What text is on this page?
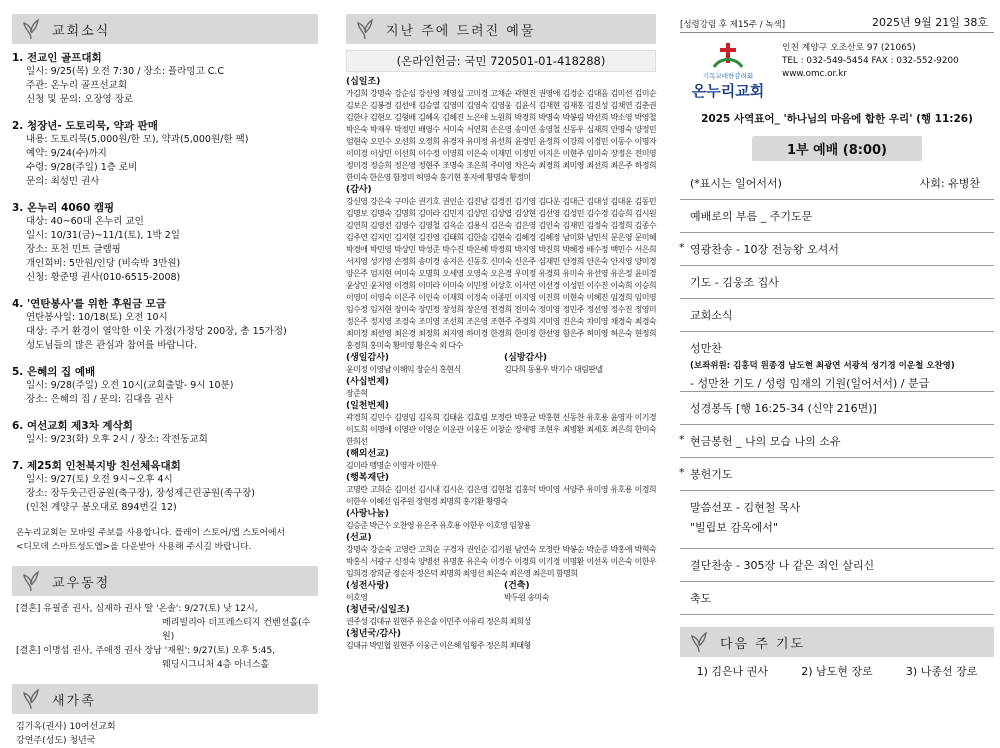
교회소식
1. 전교인 골프대회
일시: 9/25(목) 오전 7:30 / 장소: 플라밍고 C.C
주관: 온누리 골프선교회
신청 및 문의: 오장영 장로
2. 청장년- 도토리묵, 약과 판매
내용: 도토리묵(5,000원/한 모), 약과(5,000원/한 팩)
예약: 9/24(수)까지
수령: 9/28(주일) 1층 로비
문의: 최성민 권사
3. 온누리 4060 캠핑
대상: 40~60대 온누리 교인
일시: 10/31(금)~11/1(토), 1박 2일
장소: 포천 민트 글램핑
개인회비: 5만원/인당 (비숙박 3만원)
신청: 황준명 권사(010-6515-2008)
4. '연탄봉사'를 위한 후원금 모금
연탄봉사일: 10/18(토) 오전 10시
대상: 주거 환경이 열악한 이웃 가정(가정당 200장, 총 15가정)
성도님들의 많은 관심과 참여를 바랍니다.
5. 은혜의 집 예배
일시: 9/28(주일) 오전 10시(교회출발- 9시 10분)
장소: 은혜의 집 / 문의: 김대음 권사
6. 여선교회 제3차 계삭회
일시: 9/23(화) 오후 2시 / 장소: 작전동교회
7. 제25회 인천북지방 친선체육대회
일시: 9/27(토) 오전 9시~오후 4시
장소: 장두웃근린공원(축구장), 장성제근린공원(족구장)
(인천 계양구 봉오대로 894번길 12)
온누리교회는 모바일 주보를 사용합니다. 플레이 스토어/앱 스토어에서
<디모데 스마트성도앱>을 다운받아 사용해 주시길 바랍니다.
교우동정
[결혼] 유필종 권사, 심재하 권사 딸 '온솔': 9/27(토) 낮 12시,
메리빌리아 더프레스티지 컨벤션홀(수원)
[결혼] 이명섭 권사, 주애정 권사 장남 '재원': 9/27(토) 오후 5:45,
웨딩시그니처 4층 아너스홀
새가족
김기옥(권사) 10여선교회
강연주(성도) 청년국
지난 주에 드려진 예물
(온라인헌금: 국민 720501-01-418288)
(십일조)
가김희 강명숙 강순심 강신영 계영실 고미경 고채순 곽현진 권영애 김경순 김대음 김미선 김미순 김보은 김봉경 김선애 김승열 김영미 김영숙 김영웅 김윤식 김재현 김재홍 김진성 김채연 김춘권 김한나 김현오 김형배 김혜옥 김혜진 노은애 노원희 박경희 박명숙 박봉림 박선희 박소영 박영철 박은숙 박재우 박정민 배영수 서미숙 서연희 손은영 송미연 송영철 신동우 심재희 안명숙 양정민 엄현숙 오민수 오선희 오정희 유경자 유미정 유선희 윤경민 윤정희 이강희 이경민 이동수 이명자 이미경 이상민 이선희 이수정 이영희 이은숙 이재민 이정민 이지은 이현주 임미숙 장정은 전미영 정미경 정승희 정은영 정현주 조명숙 조은희 주미영 차은숙 최경희 최미영 최선희 최은주 하정희 한미숙 한은영 함정미 허영숙 홍기현 홍지예 황명숙 황정미
(감사)
강신영 강은숙 구미순 권기호 권인순 김진남 김경진 김기영 김다운 김대근 김대성 김대윤 김동민 김명보 김명숙 김명희 김미라 김민지 김상민 김상엽 김상현 김선영 김성민 김수경 김승희 김시원 김연희 김영선 김영수 김영철 김옥순 김용식 김은숙 김은영 김인숙 김재민 김정숙 김정희 김종수 김주연 김지민 김지현 김진영 김태희 김한솔 김현숙 김혜경 김혜정 남미화 남민식 문은영 문미혜 박경애 박민영 박상민 박성준 박수진 박은혜 박정희 박지영 박진희 박혜경 배수정 백민수 서은희 서지영 성기영 손정희 송미경 송지은 신동호 신미숙 신은주 심재민 안경희 안은숙 안지영 양미경 양은주 엄지현 여미숙 오명희 오세영 오영숙 오은경 우미정 유경희 유미숙 유선영 유은정 윤미경 윤상민 윤지영 이경희 이미라 이미숙 이민정 이상호 이서연 이선경 이성민 이수진 이숙희 이승희 이영미 이영숙 이은주 이인숙 이재희 이정숙 이종민 이지영 이진희 이현숙 이혜진 임경희 임미영 임수정 임지현 장미숙 장민정 장성희 장은영 전경희 전미숙 정미영 정민주 정선영 정수진 정영미 정은주 정지영 조경숙 조미영 조선희 조은영 조현주 주경희 지미영 진은숙 차미영 채경숙 최경숙 최미정 최선영 최은경 최정희 최지영 하미경 한경희 한미정 한선영 함은주 허미영 허은숙 현정희 홍경희 홍미숙 황미영 황은숙 외 다수
(생일감사)
윤미정 이영남 이해익 장순식 홍현식
(심방감사)
김다희 동용우 박기수 대림판넬
(사십번제)
장준혁
(일천번제)
곽경희 김민수 김영임 김옥희 김태윤 김효림 모정란 박홍균 박홍현 신동찬 유호용 윤영자 이기경 이도희 이명애 이영관 이영순 이운관 이웅돈 이창순 장세명 조현우 최병환 최세호 최은희 한미숙 한희선
(해외선교)
김미라 맹명순 이영자 이한우
(행복재단)
고명란 고희순 김미선 김시내 김시온 김은영 김현철 김홍덕 박미영 서양주 유미영 유호용 이경희 이한우 이혜선 임주원 장현경 최명희 홍기환 황명숙
(사랑나눔)
김승준 박근수 오찬영 유은주 유호용 이한우 이호영 임창용
(선교)
강명숙 강순숙 고영란 고희순 구경자 권인순 김기원 남연숙 모정란 박봉순 박순증 박홍애 박혁숙 박홍식 서광구 신정숙 양병선 유명훈 유은숙 이경수 이경희 이기경 이명환 이선옥 이은숙 이한우 임희경 장희균 정순자 정은덕 최명희 최영선 최은숙 최은영 최은미 함명희
(성전사랑)
이호영
(건축)
박두원 송미숙
(청년국/십일조)
권주성 김대규 원현주 유은솔 이민주 이유리 정은희 최희성
(청년국/감사)
김대규 박민협 원현주 이웅근 이은혜 임형주 정은희 최태형
[성령강림 후 제15주 / 녹색]	2025년 9월 21일 38호
기독교대한감리회
온누리교회
인천 계양구 오조산로 97 (21065)
TEL : 032-549-5454 FAX : 032-552-9200
www.omc.or.kr
2025 사역표어_ '하나님의 마음에 합한 우리' (행 11:26)
1부 예배 (8:00)
(*표시는 일어서서)	사회: 유병찬
예배로의 부름 _ 주기도문
* 영광찬송 - 10장 전능왕 오셔서
기도 - 김웅조 집사
교회소식
성만찬
(보좌위원: 김홍덕 원종경 남도현 최광연 서광석 성기경 이운철 오찬영)
- 성만찬 기도 / 성령 임재의 기원(일어서서) / 분급
성경봉독 [행 16:25-34 (신약 216면)]
* 현금봉헌 _ 나의 모습 나의 소유
* 봉헌기도
말씀선포 - 김현철 목사
"빌립보 감옥에서"
결단찬송 - 305장 나 같은 죄인 살리신
축도
다음 주 기도
1) 김은나 권사	2) 남도현 장로	3) 나종선 장로
